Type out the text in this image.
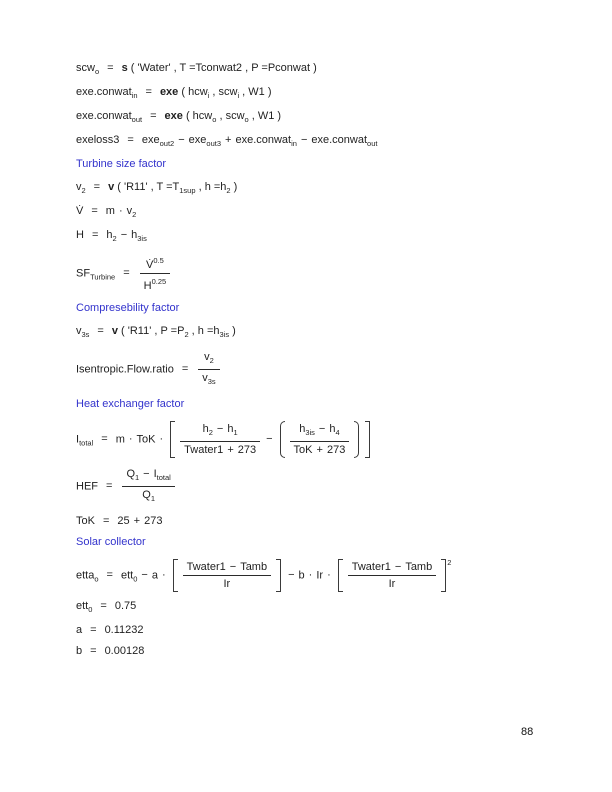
scw$_o$ = s ( 'Water' , T =Tconwat2 , P =Pconwat )
exe.conwat$_{in}$ = exe ( hcw$_i$ , scw$_i$ , W1 )
exe.conwat$_{out}$ = exe ( hcw$_o$ , scw$_o$ , W1 )
exeloss3 = exe$_{out2}$ − exe$_{out3}$ + exe.conwat$_{in}$ − exe.conwat$_{out}$
Turbine size factor
$v_2 = v$ ( 'R11' , $T =T_{1sup}$ , $h =h_2$ )
V̇ = $m \cdot v_2$
$H = h_2 - h_{3is}$
$SF_{Turbine} = \frac{V̇^{0.5}}{H^{0.25}}$
Compresebility factor
$v_{3s} = v$ ( 'R11' , $P =P_2$ , $h =h_{3is}$ )
Isentropic.Flow.ratio = $\frac{v_2}{v_{3s}}$
Heat exchanger factor
$I_{total} = m$ · ToK · $\frac{h_2 - h_1}{\text{Twater1 + 273}} - \frac{h_{3is} - h_4}{\text{ToK + 273}}$
HEF = $\frac{Q_1 - I_{total}}{Q_1}$
ToK = 25 + 273
Solar collector
etta$_o$ = $ett_0 - a \cdot \frac{\text{Twater1 − Tamb}}{Ir} - b \cdot Ir \cdot \frac{\text{Twater1 − Tamb}}{Ir} 2$
ett$_0$ = 0.75
a = 0.11232
b = 0.00128
88
